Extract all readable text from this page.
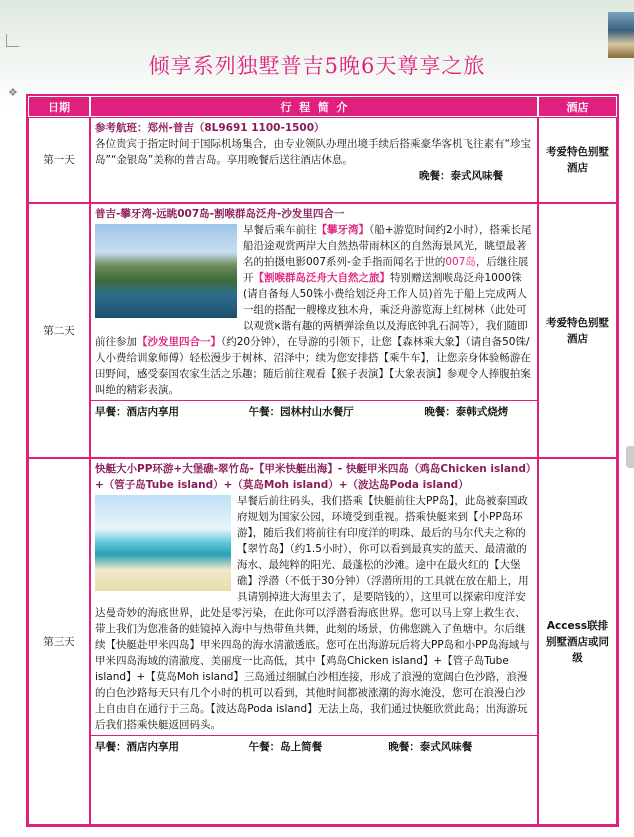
倾享系列独墅普吉5晚6天尊享之旅
❖
日期	行  程  简  介	酒店
第一天	参考航班：郑州-普吉（8L9691 1100-1500）
各位贵宾于指定时间于国际机场集合，由专业领队办理出境手续后搭乘豪华客机飞往素有“珍宝岛”“金银岛”美称的普吉岛。享用晚餐后送往酒店休息。
晚餐：泰式风味餐	考爱特色别墅酒店
第二天	普吉-攀牙湾-远眺007岛-割喉群岛泛舟-沙发里四合一
早餐后乘车前往【攀牙湾】（船+游览时间约2小时），搭乘长尾船沿途观赏两岸大自然热带雨林区的自然海景风光，眺望最著名的拍摄电影007系列-金手指而闻名于世的007岛，后继往展开【割喉群岛泛舟大自然之旅】特别赠送割喉岛泛舟1000铢(请自备每人50铢小费给划泛舟工作人员)首先于船上完成两人一组的搭配一艘橡皮独木舟，乘泛舟游览海上红树林（此处可以观赏к谐有趣的两栖弹涂鱼以及海底钟乳石洞等），我们随即前往参加【沙发里四合一】（约20分钟），在导游的引领下，让您【森林乘大象】（请自备50铢/人小费给训象师傅）轻松漫步于树林、沼泽中；续为您安排搭【乘牛车】，让您亲身体验畅游在田野间，感受泰国农家生活之乐趣；随后前往观看【猴子表演】【大象表演】参观令人捧腹拍案叫绝的精彩表演。
早餐：酒店内享用 午餐：园林村山水餐厅 晚餐：泰韩式烧烤	考爱特色别墅酒店
第三天	快艇大小PP环游+大堡礁-翠竹岛-【甲米快艇出海】- 快艇甲米四岛（鸡岛Chicken island）+（管子岛Tube island）+（莫岛Moh island）+（波达岛Poda island）
早餐后前往码头，我们搭乘【快艇前往大PP岛】，此岛被泰国政府规划为国家公园，环境受到重视。搭乘快艇来到【小PP岛环游】，随后我们将前往有印度洋的明珠、最后的马尔代夫之称的【翠竹岛】（约1.5小时），你可以看到最真实的蓝天、最清澈的海水、最纯粹的阳光、最蓬松的沙滩。途中在最火红的【大堡礁】浮潜（不低于30分钟）（浮潜所用的工具就在放在船上，用具请别掉进大海里去了，是要陪钱的），这里可以探索印度洋安达曼奇妙的海底世界，此处是零污染，在此你可以浮潜看海底世界。您可以马上穿上救生衣、带上我们为您准备的蛙镜掉入海中与热带鱼共舞，此刻的场景，仿佛您跳入了鱼塘中。尔后继续【快艇赴甲米四岛】甲米四岛的海水清澈透底。您可在出海游玩后将大PP岛和小PP岛海域与甲米四岛海域的清澈度、美丽度一比高低，其中【鸡岛Chicken island】+【管子岛Tube island】+【莫岛Moh island】三岛通过细腻白沙相连接，形成了浪漫的宽阔白色沙路，浪漫的白色沙路每天只有几个小时的机可以看到，其他时间都被涨潮的海水淹没，您可在浪漫白沙上自由自在通行于三岛。【波达岛Poda island】无法上岛，我们通过快艇欣赏此岛；出海游玩后我们搭乘快艇返回码头。
早餐：酒店内享用 午餐：岛上简餐 晚餐：泰式风味餐	Access联排别墅酒店或同级
